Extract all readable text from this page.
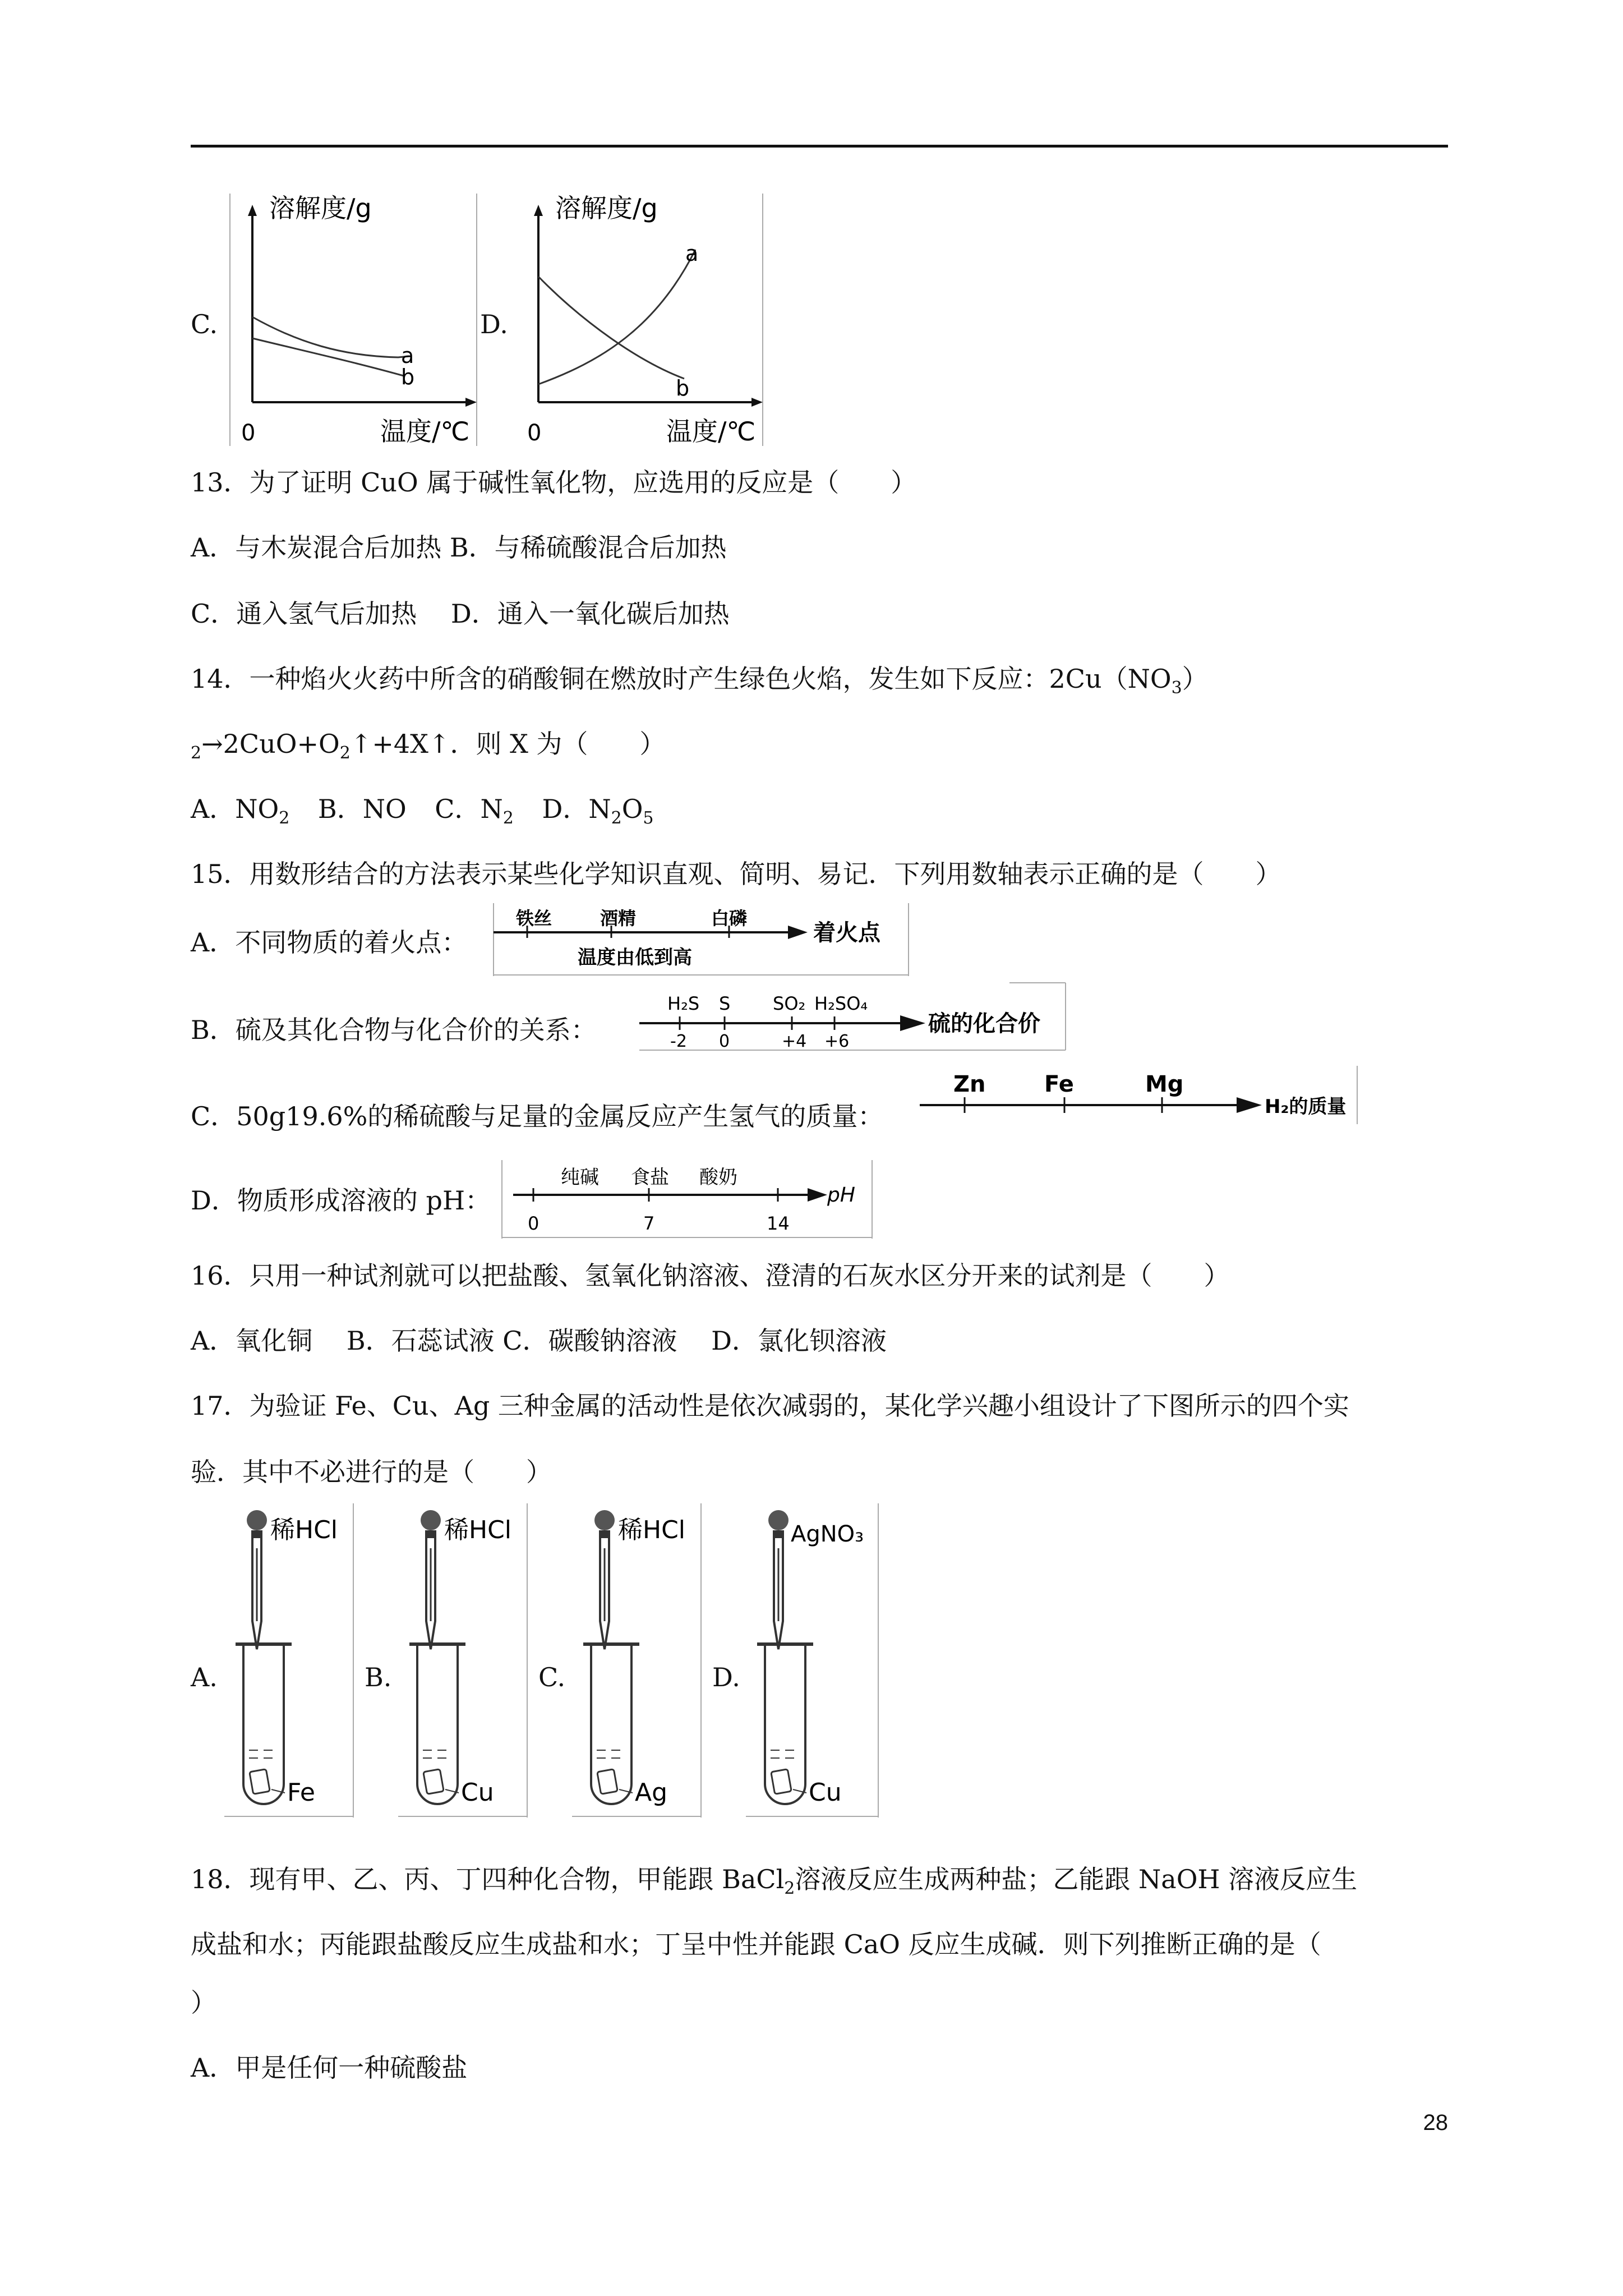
C.
溶解度/g
温度/℃
0
a
b
D.
溶解度/g
温度/℃
0
a
b
13．为了证明 CuO 属于碱性氧化物，应选用的反应是（　　）
A．与木炭混合后加热 B．与稀硫酸混合后加热
C．通入氢气后加热　 D．通入一氧化碳后加热
14．一种焰火火药中所含的硝酸铜在燃放时产生绿色火焰，发生如下反应：$2Cu(NO_3)$
$_2\to 2CuO+O_2↑+4X↑$．则 X 为（　　）
A．$NO_2$ B．NO C．$N_2$ D．$N_2O_5$
15．用数形结合的方法表示某些化学知识直观、简明、易记．下列用数轴表示正确的是（　　）
A．不同物质的着火点：
铁丝	酒精	白磷
着火点
温度由低到高
B．硫及其化合物与化合价的关系：
H₂S S SO₂ H₂SO₄
-2 0	+4 +6
硫的化合价
C．50g19.6%的稀硫酸与足量的金属反应产生氢气的质量：
Zn	Fe	Mg
H₂的质量
D．物质形成溶液的 pH：
纯碱 食盐 酸奶
0	7	14
pH
16．只用一种试剂就可以把盐酸、氢氧化钠溶液、澄清的石灰水区分开来的试剂是（　　）
A．氧化铜　 B．石蕊试液 C．碳酸钠溶液　 D．氯化钡溶液
17．为验证 Fe、Cu、Ag 三种金属的活动性是依次减弱的，某化学兴趣小组设计了下图所示的四个实
验．其中不必进行的是（　　）
A.
稀HCl
Fe
B.
稀HCl
Cu
C.
稀HCl
Ag
D.
AgNO₃
Cu
18．现有甲、乙、丙、丁四种化合物，甲能跟 BaCl$_2$溶液反应生成两种盐；乙能跟 NaOH 溶液反应生
成盐和水；丙能跟盐酸反应生成盐和水；丁呈中性并能跟 CaO 反应生成碱．则下列推断正确的是（
）
A．甲是任何一种硫酸盐
28
